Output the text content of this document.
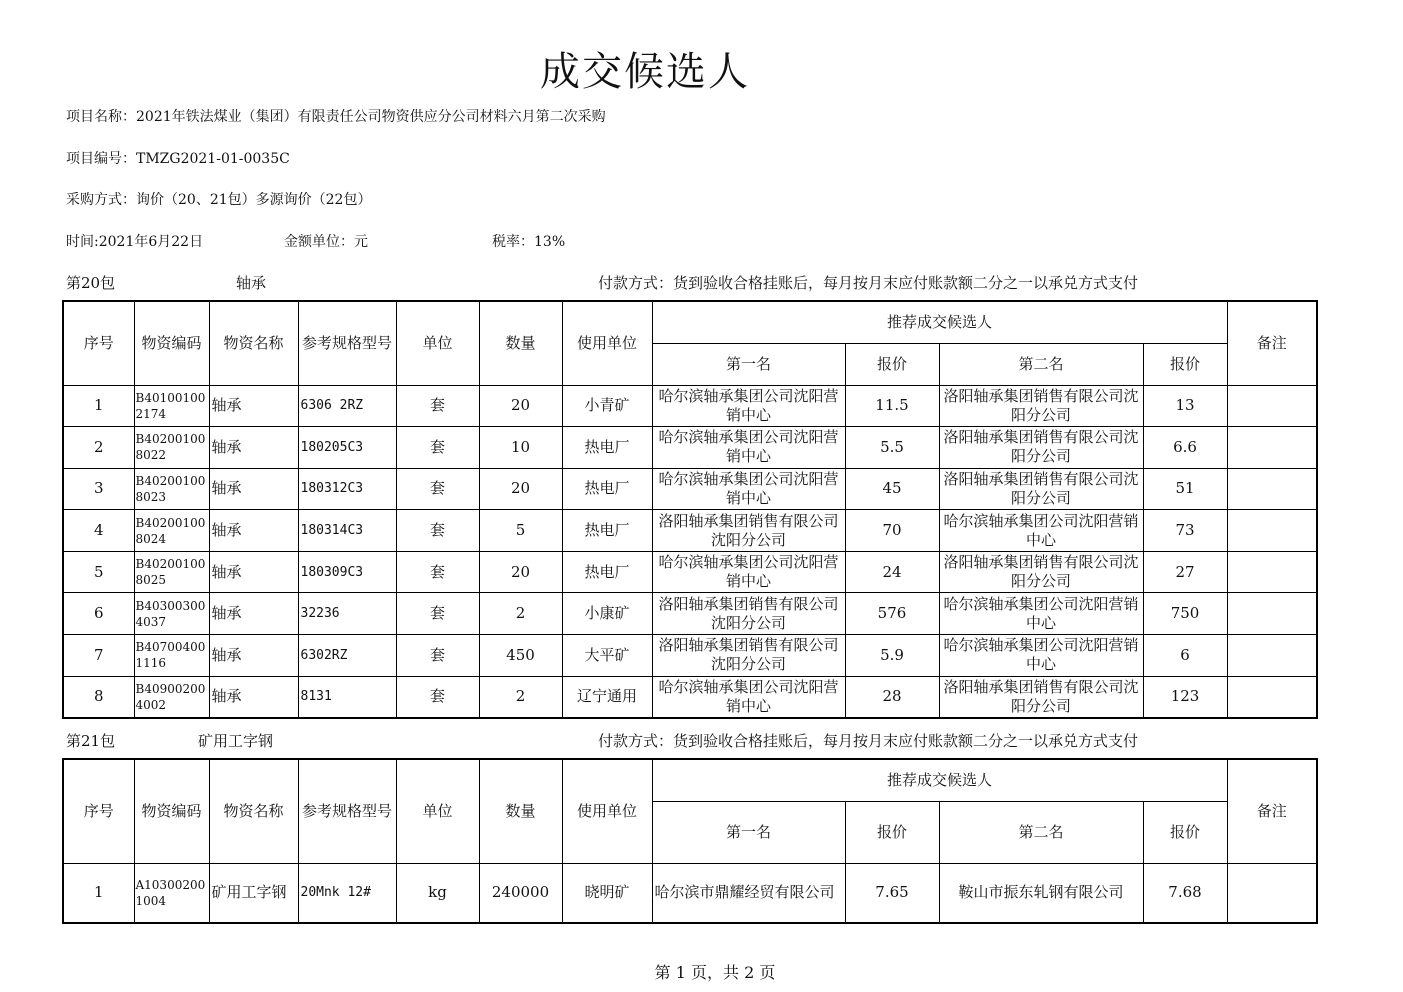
成交候选人
项目名称：2021年铁法煤业（集团）有限责任公司物资供应分公司材料六月第二次采购
项目编号：TMZG2021-01-0035C
采购方式：询价（20、21包）多源询价（22包）
时间:2021年6月22日	金额单位：元	税率：13%
第20包	轴承	付款方式：货到验收合格挂账后，每月按月末应付账款额二分之一以承兑方式支付
序号	物资编码	物资名称	参考规格型号	单位	数量	使用单位	推荐成交候选人				备注
							第一名	报价	第二名	报价	
1	B40100100 2174	轴承	6306 2RZ	套	20	小青矿	哈尔滨轴承集团公司沈阳营销中心	11.5	洛阳轴承集团销售有限公司沈阳分公司	13	
2	B40200100 8022	轴承	180205C3	套	10	热电厂	哈尔滨轴承集团公司沈阳营销中心	5.5	洛阳轴承集团销售有限公司沈阳分公司	6.6	
3	B40200100 8023	轴承	180312C3	套	20	热电厂	哈尔滨轴承集团公司沈阳营销中心	45	洛阳轴承集团销售有限公司沈阳分公司	51	
4	B40200100 8024	轴承	180314C3	套	5	热电厂	洛阳轴承集团销售有限公司沈阳分公司	70	哈尔滨轴承集团公司沈阳营销中心	73	
5	B40200100 8025	轴承	180309C3	套	20	热电厂	哈尔滨轴承集团公司沈阳营销中心	24	洛阳轴承集团销售有限公司沈阳分公司	27	
6	B40300300 4037	轴承	32236	套	2	小康矿	洛阳轴承集团销售有限公司沈阳分公司	576	哈尔滨轴承集团公司沈阳营销中心	750	
7	B40700400 1116	轴承	6302RZ	套	450	大平矿	洛阳轴承集团销售有限公司沈阳分公司	5.9	哈尔滨轴承集团公司沈阳营销中心	6	
8	B40900200 4002	轴承	8131	套	2	辽宁通用	哈尔滨轴承集团公司沈阳营销中心	28	洛阳轴承集团销售有限公司沈阳分公司	123	
第21包	矿用工字钢	付款方式：货到验收合格挂账后，每月按月末应付账款额二分之一以承兑方式支付
序号	物资编码	物资名称	参考规格型号	单位	数量	使用单位	推荐成交候选人				备注
							第一名	报价	第二名	报价	
1	A10300200 1004	矿用工字钢	20Mnk 12#	kg	240000	晓明矿	哈尔滨市鼎耀经贸有限公司	7.65	鞍山市振东轧钢有限公司	7.68	
第 1 页，共 2 页
